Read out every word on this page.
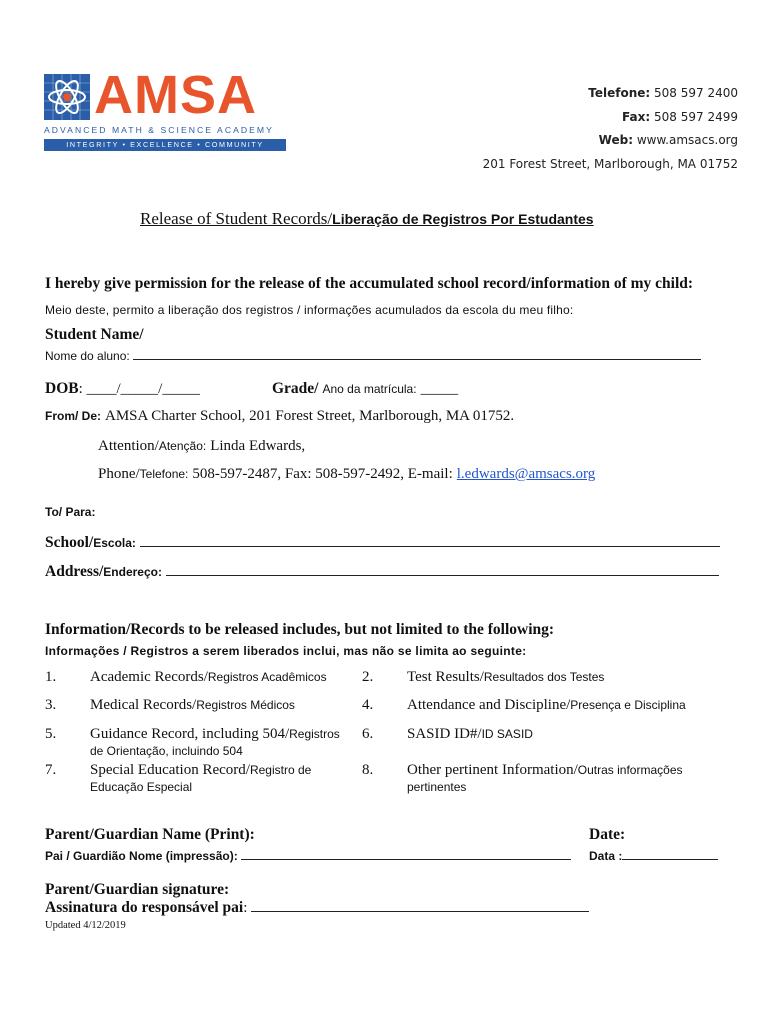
AMSA
ADVANCED MATH & SCIENCE ACADEMY
INTEGRITY • EXCELLENCE • COMMUNITY
Telefone: 508 597 2400
Fax: 508 597 2499
Web: www.amsacs.org
201 Forest Street, Marlborough, MA 01752
Release of Student Records/Liberação de Registros Por Estudantes
I hereby give permission for the release of the accumulated school record/information of my child:
Meio deste, permito a liberação dos registros / informações acumulados da escola du meu filho:
Student Name/
Nome do aluno:
DOB: ____/_____/_____	Grade/ Ano da matrícula: _____
From/ De: AMSA Charter School, 201 Forest Street, Marlborough, MA 01752.
Attention/Atenção: Linda Edwards,
Phone/Telefone: 508-597-2487, Fax: 508-597-2492, E-mail: l.edwards@amsacs.org
To/ Para:
School/Escola:
Address/Endereço:
Information/Records to be released includes, but not limited to the following:
Informações / Registros a serem liberados inclui, mas não se limita ao seguinte:
1. Academic Records/Registros Acadêmicos
3. Medical Records/Registros Médicos
5. Guidance Record, including 504/Registros
de Orientação, incluindo 504
7. Special Education Record/Registro de
Educação Especial
2. Test Results/Resultados dos Testes
4. Attendance and Discipline/Presença e Disciplina
6. SASID ID#/ID SASID
8. Other pertinent Information/Outras informações
pertinentes
Parent/Guardian Name (Print):
Pai / Guardião Nome (impressão):
Date:
Data :
Parent/Guardian signature:
Assinatura do responsável pai:
Updated 4/12/2019
